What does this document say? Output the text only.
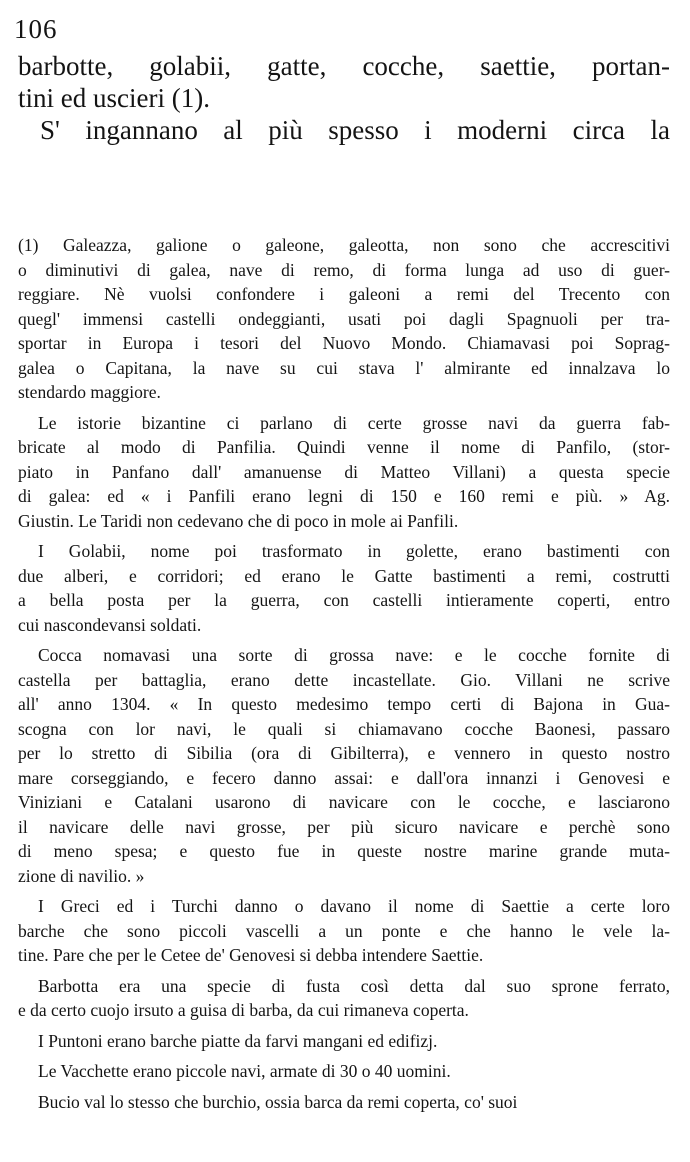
106
barbotte, golabii, gatte, cocche, saettie, portan-
tini ed uscieri (1).
S' ingannano al più spesso i moderni circa la
(1) Galeazza, galione o galeone, galeotta, non sono che accrescitivi
o diminutivi di galea, nave di remo, di forma lunga ad uso di guer-
reggiare. Nè vuolsi confondere i galeoni a remi del Trecento con
quegl' immensi castelli ondeggianti, usati poi dagli Spagnuoli per tra-
sportar in Europa i tesori del Nuovo Mondo. Chiamavasi poi Soprag-
galea o Capitana, la nave su cui stava l' almirante ed innalzava lo
stendardo maggiore.
Le istorie bizantine ci parlano di certe grosse navi da guerra fab-
bricate al modo di Panfilia. Quindi venne il nome di Panfilo, (stor-
piato in Panfano dall' amanuense di Matteo Villani) a questa specie
di galea: ed « i Panfili erano legni di 150 e 160 remi e più. » Ag.
Giustin. Le Taridi non cedevano che di poco in mole ai Panfili.
I Golabii, nome poi trasformato in golette, erano bastimenti con
due alberi, e corridori; ed erano le Gatte bastimenti a remi, costrutti
a bella posta per la guerra, con castelli intieramente coperti, entro
cui nascondevansi soldati.
Cocca nomavasi una sorte di grossa nave: e le cocche fornite di
castella per battaglia, erano dette incastellate. Gio. Villani ne scrive
all' anno 1304. « In questo medesimo tempo certi di Bajona in Gua-
scogna con lor navi, le quali si chiamavano cocche Baonesi, passaro
per lo stretto di Sibilia (ora di Gibilterra), e vennero in questo nostro
mare corseggiando, e fecero danno assai: e dall'ora innanzi i Genovesi e
Viniziani e Catalani usarono di navicare con le cocche, e lasciarono
il navicare delle navi grosse, per più sicuro navicare e perchè sono
di meno spesa; e questo fue in queste nostre marine grande muta-
zione di navilio. »
I Greci ed i Turchi danno o davano il nome di Saettie a certe loro
barche che sono piccoli vascelli a un ponte e che hanno le vele la-
tine. Pare che per le Cetee de' Genovesi si debba intendere Saettie.
Barbotta era una specie di fusta così detta dal suo sprone ferrato,
e da certo cuojo irsuto a guisa di barba, da cui rimaneva coperta.
I Puntoni erano barche piatte da farvi mangani ed edifizj.
Le Vacchette erano piccole navi, armate di 30 o 40 uomini.
Bucio val lo stesso che burchio, ossia barca da remi coperta, co' suoi
